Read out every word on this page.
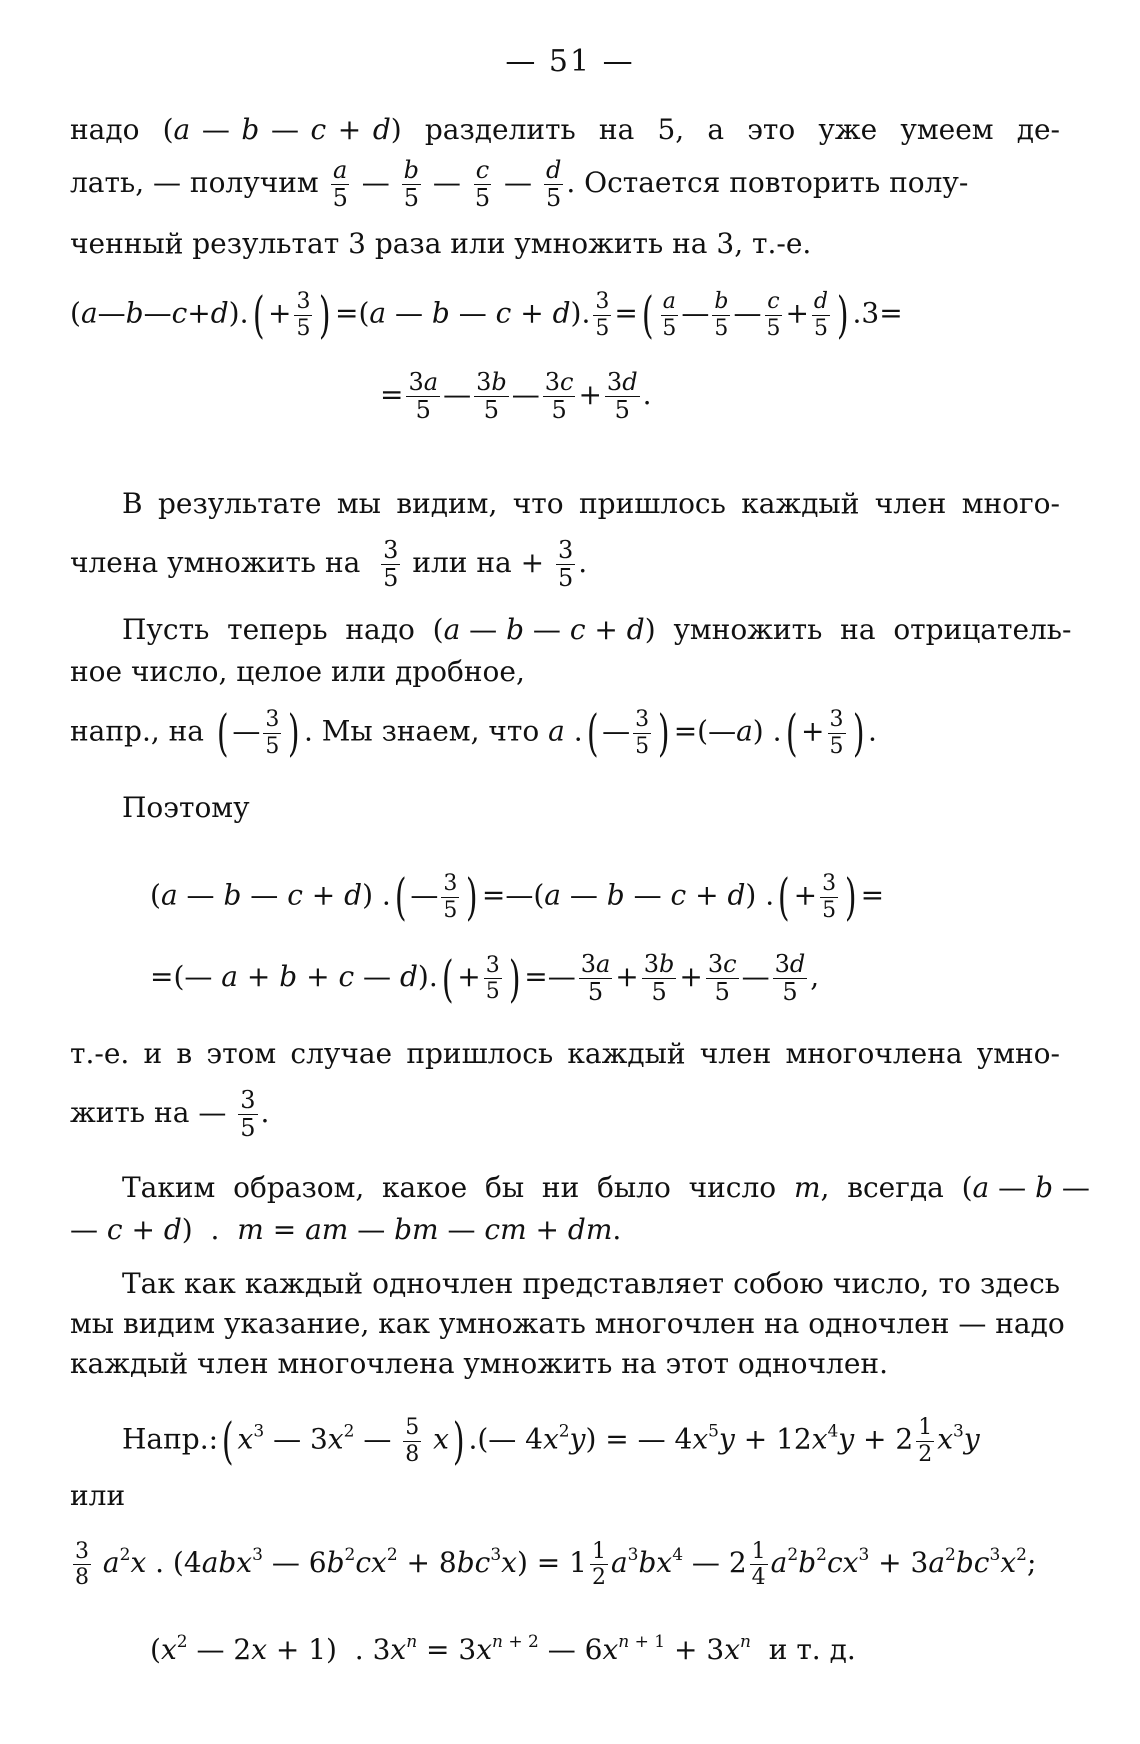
— 51 —
надо  (a — b — c + d)  разделить  на  5,  а  это  уже  умеем  де-
лать, — получим $\frac{a}{5}$ — $\frac{b}{5}$ — $\frac{c}{5}$ — $\frac{d}{5}$ . Остается повторить полу-
ченный результат 3 раза или умножить на 3, т.-е.
(a—b—c+d).( + $\frac{3}{5}$ ) =(a — b — c + d). $\frac{3}{5}$ =( $\frac{a}{5}$ — $\frac{b}{5}$ — $\frac{c}{5} + \frac{d}{5}$ ) .3=
= $\frac{3a}{5}$ — $\frac{3b}{5}$ — $\frac{3c}{5} + \frac{3d}{5}$ .
В результате мы видим, что пришлось каждый член много-
члена умножить на $\frac{3}{5}$ или на + $\frac{3}{5}$ .
Пусть  теперь  надо  (a — b — c + d)  умножить  на  отрицатель-
ное число, целое или дробное,
напр., на ( — $\frac{3}{5}$ ) . Мы знаем, что a .( — $\frac{3}{5}$ ) =(—a) .( + $\frac{3}{5}$ ) .
Поэтому
(a — b — c + d) .( — $\frac{3}{5}$ ) =—(a — b — c + d) .( + $\frac{3}{5}$ ) =
=(— a + b + c — $d).( + \frac{3}{5}$ ) =— $\frac{3a}{5} + \frac{3b}{5} + \frac{3c}{5}$ — $\frac{3d}{5}$ ,
т.-е. и в этом случае пришлось каждый член многочлена умно-
жить на — $\frac{3}{5}$ .
Таким  образом,  какое  бы  ни  было  число  m,  всегда  (a — b —
— c + d)  .  m = am — bm — cm + dm.
Так как каждый одночлен представляет собою число, то здесь
мы видим указание, как умножать многочлен на одночлен — надо
каждый член многочлена умножить на этот одночлен.
Напр.:( $x^3$ — $3x^2$ — $\frac{5}{8} x$) .(— $4x^2y$) = — $4x^5y + 12x^4y + 2 \frac{1}{2} x^3y$
или
$\frac{3}{8} a^2x$ . (4abx$^3$ — $6b^2cx^2 + 8bc^3x) = 1 \frac{1}{2} a^3bx^4$ — $2 \frac{1}{4} a^2b^2cx^3 + 3a^2bc^3x^2$;
($x^2$ — 2x + 1)  . $3x^n = 3x^{n + 2}$ — $6x^{n + 1} + 3x^n$ и т. д.
